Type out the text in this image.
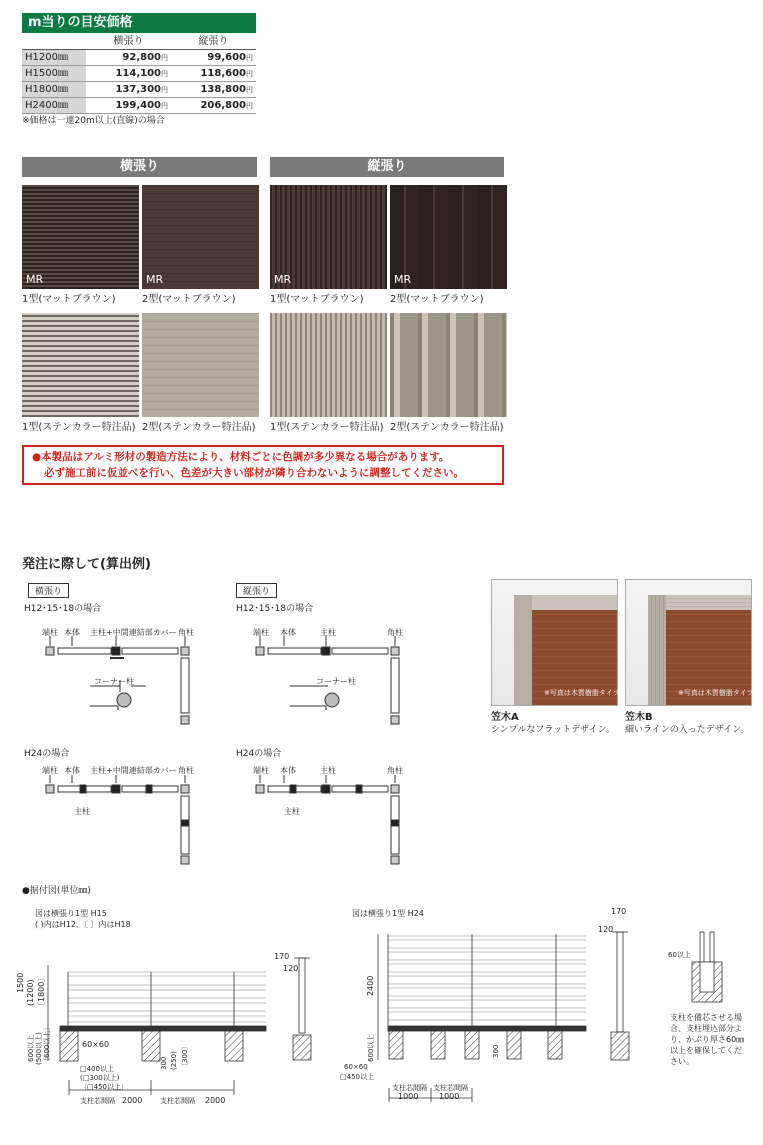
m当りの目安価格
	横張り	縦張り
H1200㎜	92,800円	99,600円
H1500㎜	114,100円	118,600円
H1800㎜	137,300円	138,800円
H2400㎜	199,400円	206,800円
※価格は一連20m以上(直線)の場合
横張り	縦張り
MR	MR	MR	MR
1型(マットブラウン)	2型(マットブラウン)	1型(マットブラウン)	2型(マットブラウン)
1型(ステンカラー特注品) 2型(ステンカラー特注品) 1型(ステンカラー特注品) 2型(ステンカラー特注品)
●本製品はアルミ形材の製造方法により、材料ごとに色調が多少異なる場合があります。
必ず施工前に仮並べを行い、色差が大きい部材が隣り合わないように調整してください。
発注に際して(算出例)
横張り	縦張り
H12･15･18の場合	H12･15･18の場合
H24の場合	H24の場合
端柱 本体 主柱 +中間連結部カバー 角柱
コーナー柱
端柱 本体	主柱	角柱
コーナー柱
端柱 本体 主柱 +中間連結部カバー 角柱
主柱
端柱 本体	主柱	角柱
主柱
※写真は木質樹脂タイプ	※写真は木質樹脂タイプ
笠木A
シンプルなフラットデザイン。
笠木B
細いラインの入ったデザイン。
●据付図(単位㎜)
図は横張り1型 H15
( )内はH12、〔 〕内はH18
図は横張り1型 H24
170
120
1500 (1200) 〔1800〕
600以上 (500以上) 〔600以上〕	60×60
□400以上
(□300以上)
〔□450以上〕
300 (250) 〔300〕
支柱芯間隔 2000	支柱芯間隔 2000
170
120
2400
600以上	300
60×60
□450以上
支柱芯間隔
1000
支柱芯間隔
1000
60以上
支柱を備芯させる場合、支柱埋込部分より、かぶり厚さ60㎜以上を確保してください。
